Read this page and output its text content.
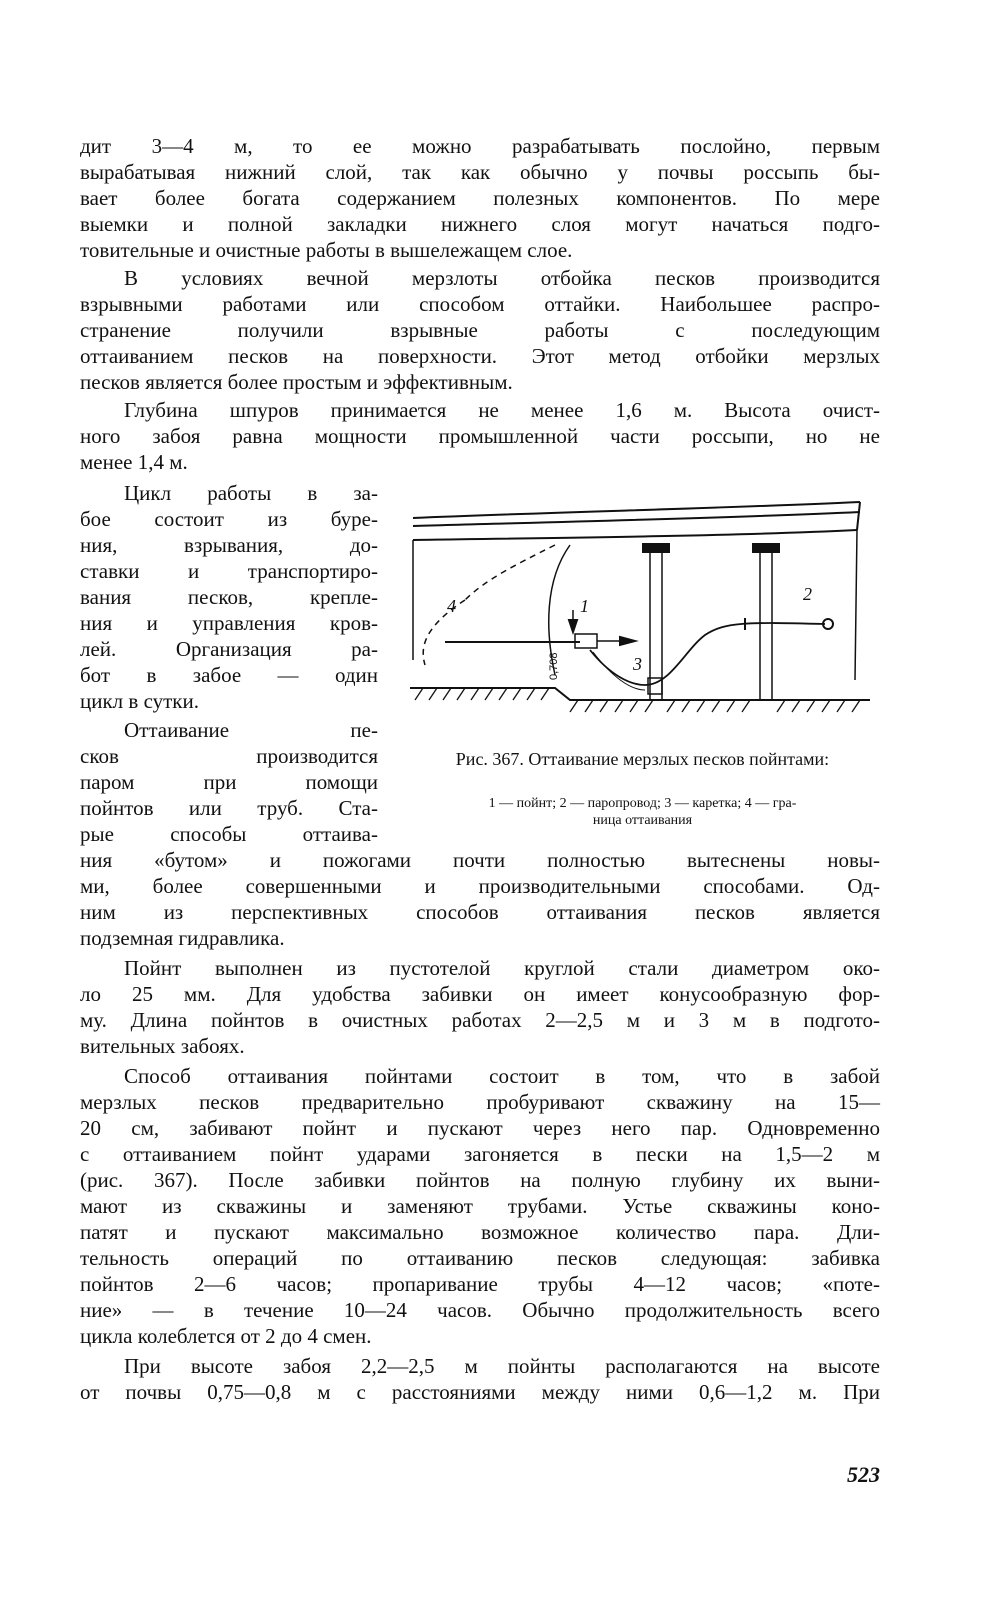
дит 3—4 м, то ее можно разрабатывать послойно, первым
вырабатывая нижний слой, так как обычно у почвы россыпь бы-
вает более богата содержанием полезных компонентов. По мере
выемки и полной закладки нижнего слоя могут начаться подго-
товительные и очистные работы в вышележащем слое.
В условиях вечной мерзлоты отбойка песков производится
взрывными работами или способом оттайки. Наибольшее распро-
странение получили взрывные работы с последующим
оттаиванием песков на поверхности. Этот метод отбойки мерзлых
песков является более простым и эффективным.
Глубина шпуров принимается не менее 1,6 м. Высота очист-
ного забоя равна мощности промышленной части россыпи, но не
менее 1,4 м.
Цикл работы в за-
бое состоит из буре-
ния, взрывания, до-
ставки и транспортиро-
вания песков, крепле-
ния и управления кров-
лей. Организация ра-
бот в забое — один
цикл в сутки.
Оттаивание пе-
сков производится
паром при помощи
пойнтов или труб. Ста-
рые способы оттаива-
ния «бутом» и пожогами почти полностью вытеснены новы-
ми, более совершенными и производительными способами. Од-
ним из перспективных способов оттаивания песков является
подземная гидравлика.
Пойнт выполнен из пустотелой круглой стали диаметром око-
ло 25 мм. Для удобства забивки он имеет конусообразную фор-
му. Длина пойнтов в очистных работах 2—2,5 м и 3 м в подгото-
вительных забоях.
Способ оттаивания пойнтами состоит в том, что в забой
мерзлых песков предварительно пробуривают скважину на 15—
20 см, забивают пойнт и пускают через него пар. Одновременно
с оттаиванием пойнт ударами загоняется в пески на 1,5—2 м
(рис. 367). После забивки пойнтов на полную глубину их выни-
мают из скважины и заменяют трубами. Устье скважины коно-
патят и пускают максимально возможное количество пара. Дли-
тельность операций по оттаиванию песков следующая: забивка
пойнтов 2—6 часов; пропаривание трубы 4—12 часов; «поте-
ние» — в течение 10—24 часов. Обычно продолжительность всего
цикла колеблется от 2 до 4 смен.
При высоте забоя 2,2—2,5 м пойнты располагаются на высоте
от почвы 0,75—0,8 м с расстояниями между ними 0,6—1,2 м. При
1
2
3
4
0,708
Рис. 367. Оттаивание мерзлых песков пойнтами:
1 — пойнт; 2 — паропровод; 3 — каретка; 4 — гра-
ница оттаивания
523
